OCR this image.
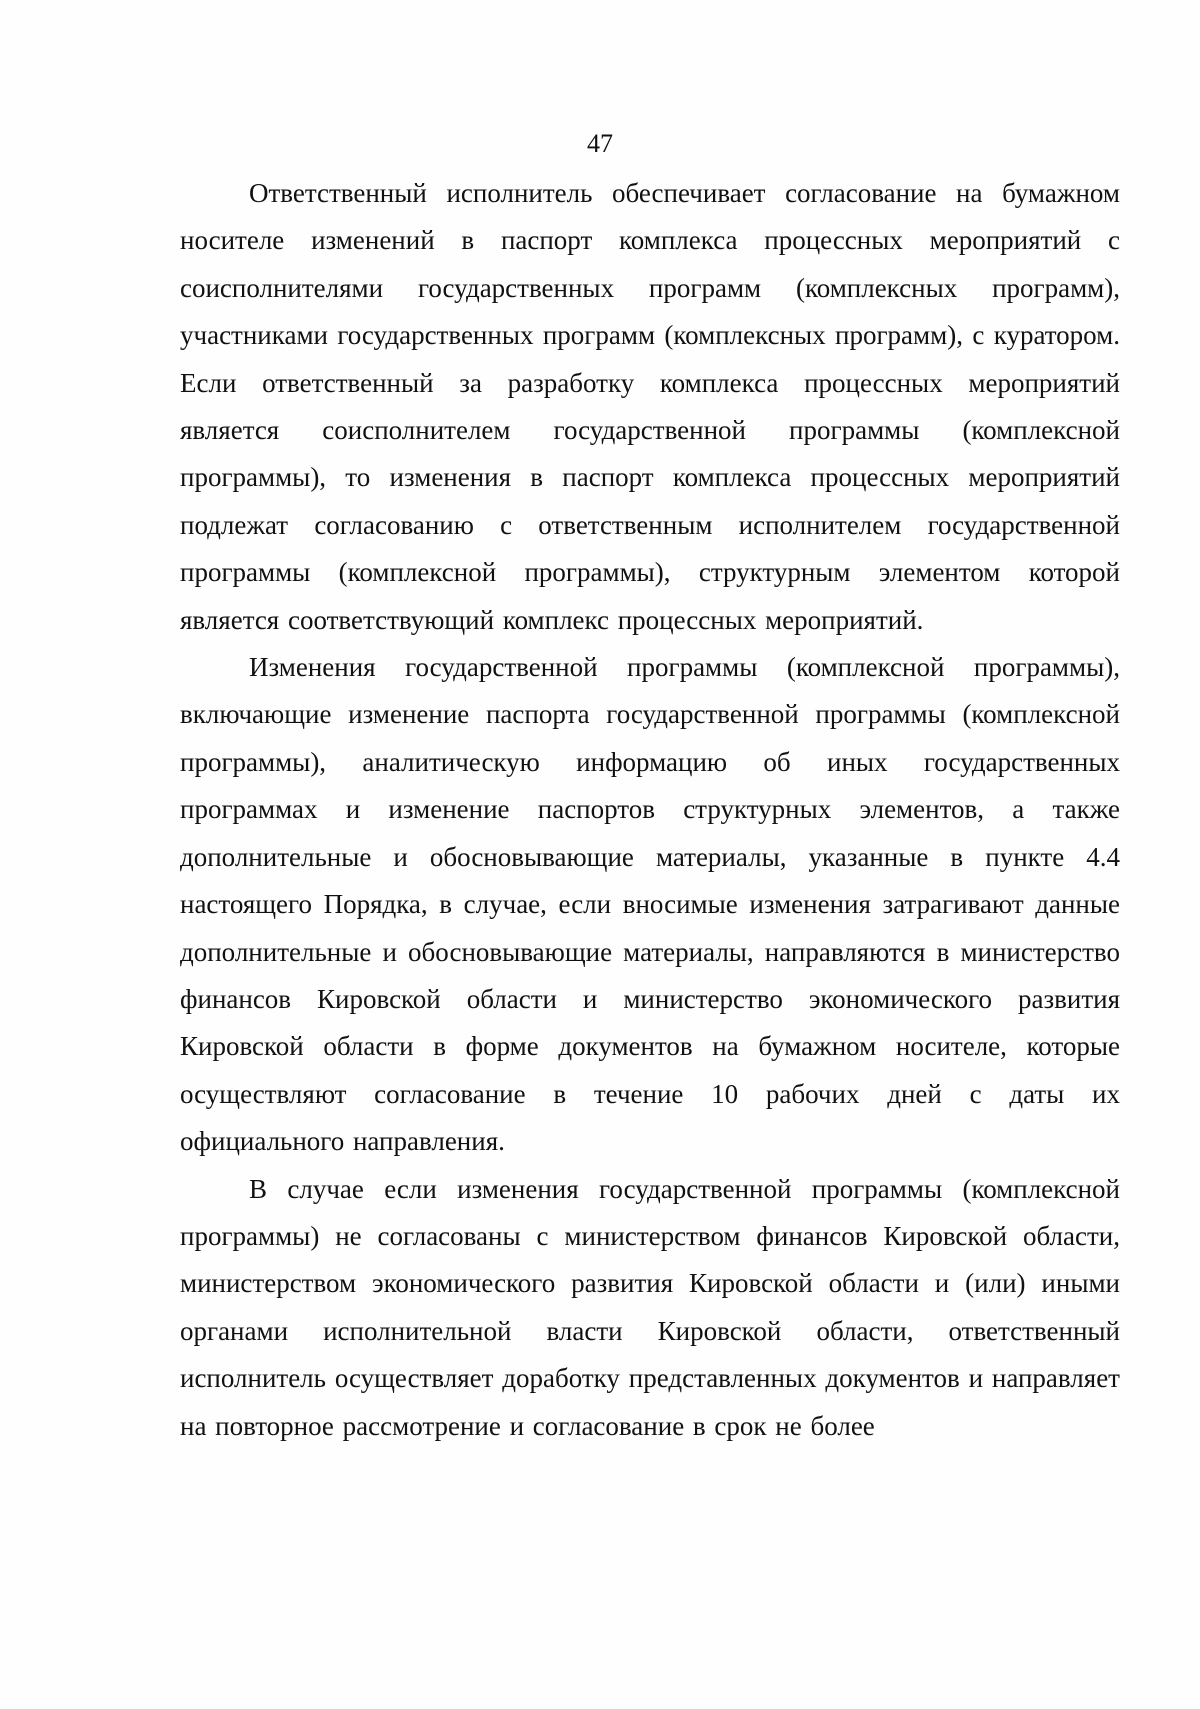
47

Ответственный исполнитель обеспечивает согласование на бумажном носителе изменений в паспорт комплекса процессных мероприятий с соисполнителями государственных программ (комплексных программ), участниками государственных программ (комплексных программ), с куратором. Если ответственный за разработку комплекса процессных мероприятий является соисполнителем государственной программы (комплексной программы), то изменения в паспорт комплекса процессных мероприятий подлежат согласованию с ответственным исполнителем государственной программы (комплексной программы), структурным элементом которой является соответствующий комплекс процессных мероприятий.

Изменения государственной программы (комплексной программы), включающие изменение паспорта государственной программы (комплексной программы), аналитическую информацию об иных государственных программах и изменение паспортов структурных элементов, а также дополнительные и обосновывающие материалы, указанные в пункте 4.4 настоящего Порядка, в случае, если вносимые изменения затрагивают данные дополнительные и обосновывающие материалы, направляются в министерство финансов Кировской области и министерство экономического развития Кировской области в форме документов на бумажном носителе, которые осуществляют согласование в течение 10 рабочих дней с даты их официального направления.

В случае если изменения государственной программы (комплексной программы) не согласованы с министерством финансов Кировской области, министерством экономического развития Кировской области и (или) иными органами исполнительной власти Кировской области, ответственный исполнитель осуществляет доработку представленных документов и направляет на повторное рассмотрение и согласование в срок не более
